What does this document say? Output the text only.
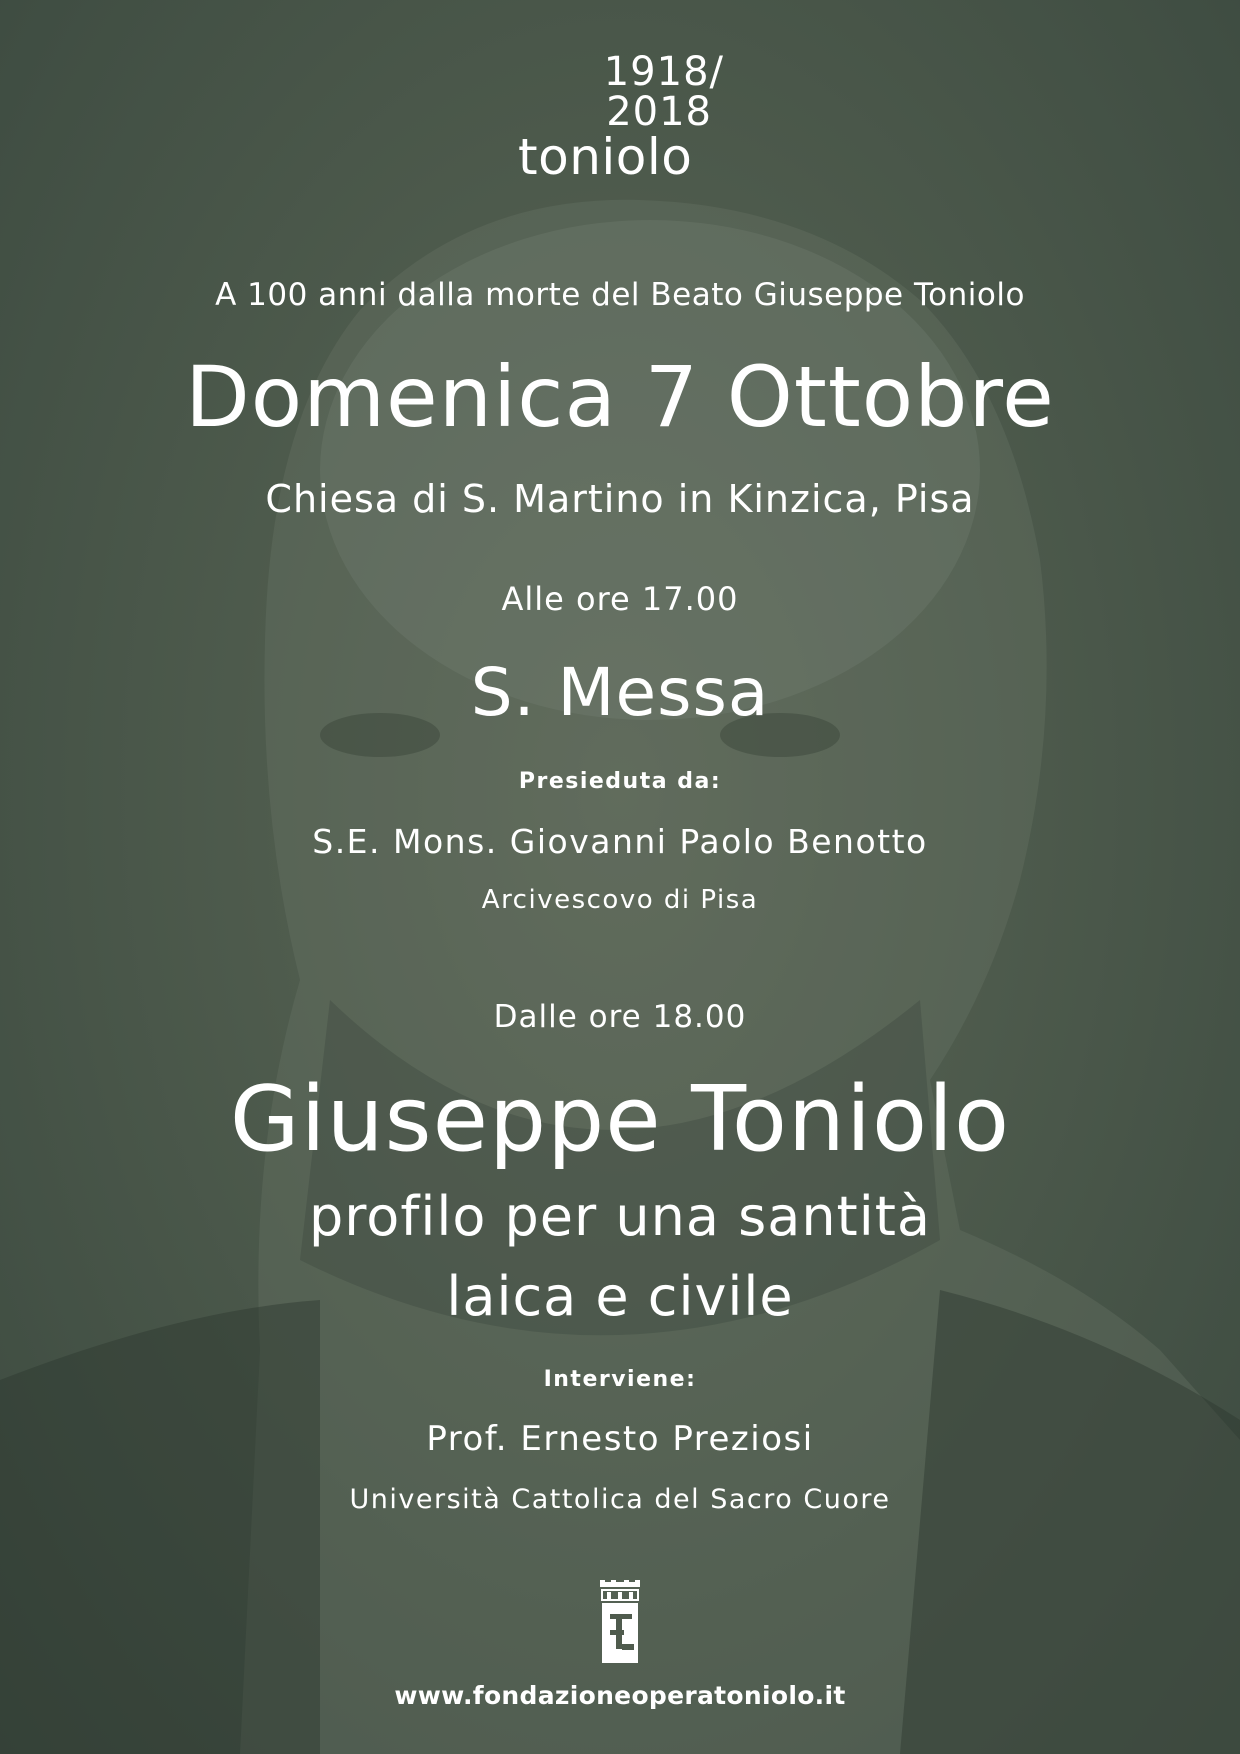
1918/
2018
toniolo
A 100 anni dalla morte del Beato Giuseppe Toniolo
Domenica 7 Ottobre
Chiesa di S. Martino in Kinzica, Pisa
Alle ore 17.00
S. Messa
Presieduta da:
S.E. Mons. Giovanni Paolo Benotto
Arcivescovo di Pisa
Dalle ore 18.00
Giuseppe Toniolo
profilo per una santità
laica e civile
Interviene:
Prof. Ernesto Preziosi
Università Cattolica del Sacro Cuore
www.fondazioneoperatoniolo.it
